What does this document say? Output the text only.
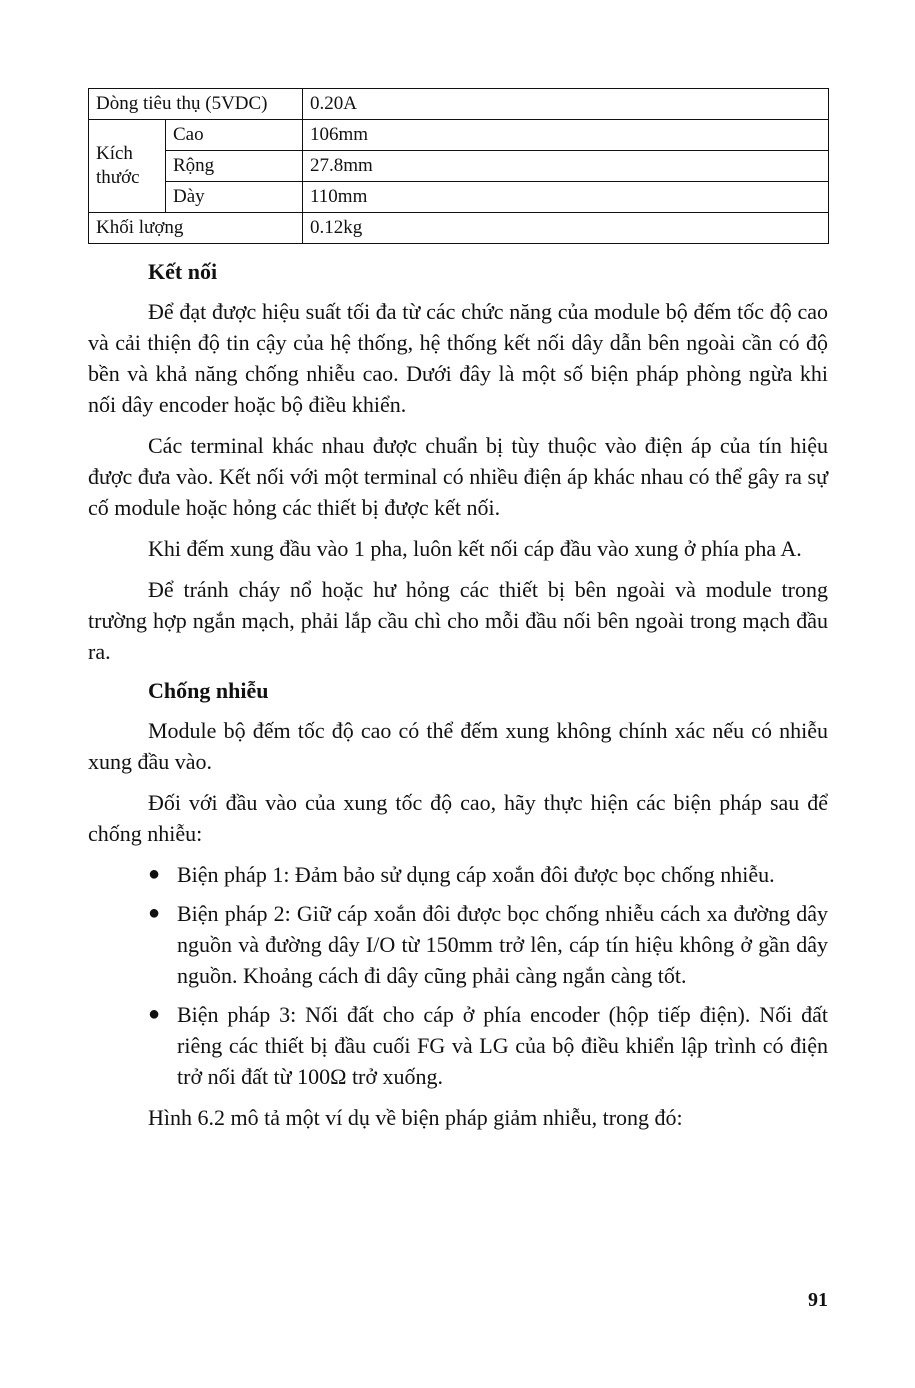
Dòng tiêu thụ (5VDC)		0.20A
Kích thước	Cao	106mm
	Rộng	27.8mm
	Dày	110mm
Khối lượng		0.12kg
Kết nối

Để đạt được hiệu suất tối đa từ các chức năng của module bộ đếm tốc độ cao và cải thiện độ tin cậy của hệ thống, hệ thống kết nối dây dẫn bên ngoài cần có độ bền và khả năng chống nhiễu cao. Dưới đây là một số biện pháp phòng ngừa khi nối dây encoder hoặc bộ điều khiển.

Các terminal khác nhau được chuẩn bị tùy thuộc vào điện áp của tín hiệu được đưa vào. Kết nối với một terminal có nhiều điện áp khác nhau có thể gây ra sự cố module hoặc hỏng các thiết bị được kết nối.

Khi đếm xung đầu vào 1 pha, luôn kết nối cáp đầu vào xung ở phía pha A.

Để tránh cháy nổ hoặc hư hỏng các thiết bị bên ngoài và module trong trường hợp ngắn mạch, phải lắp cầu chì cho mỗi đầu nối bên ngoài trong mạch đầu ra.

Chống nhiễu

Module bộ đếm tốc độ cao có thể đếm xung không chính xác nếu có nhiễu xung đầu vào.

Đối với đầu vào của xung tốc độ cao, hãy thực hiện các biện pháp sau để chống nhiễu:

● Biện pháp 1: Đảm bảo sử dụng cáp xoắn đôi được bọc chống nhiễu.
● Biện pháp 2: Giữ cáp xoắn đôi được bọc chống nhiễu cách xa đường dây nguồn và đường dây I/O từ 150mm trở lên, cáp tín hiệu không ở gần dây nguồn. Khoảng cách đi dây cũng phải càng ngắn càng tốt.
● Biện pháp 3: Nối đất cho cáp ở phía encoder (hộp tiếp điện). Nối đất riêng các thiết bị đầu cuối FG và LG của bộ điều khiển lập trình có điện trở nối đất từ 100Ω trở xuống.

Hình 6.2 mô tả một ví dụ về biện pháp giảm nhiễu, trong đó:

91
